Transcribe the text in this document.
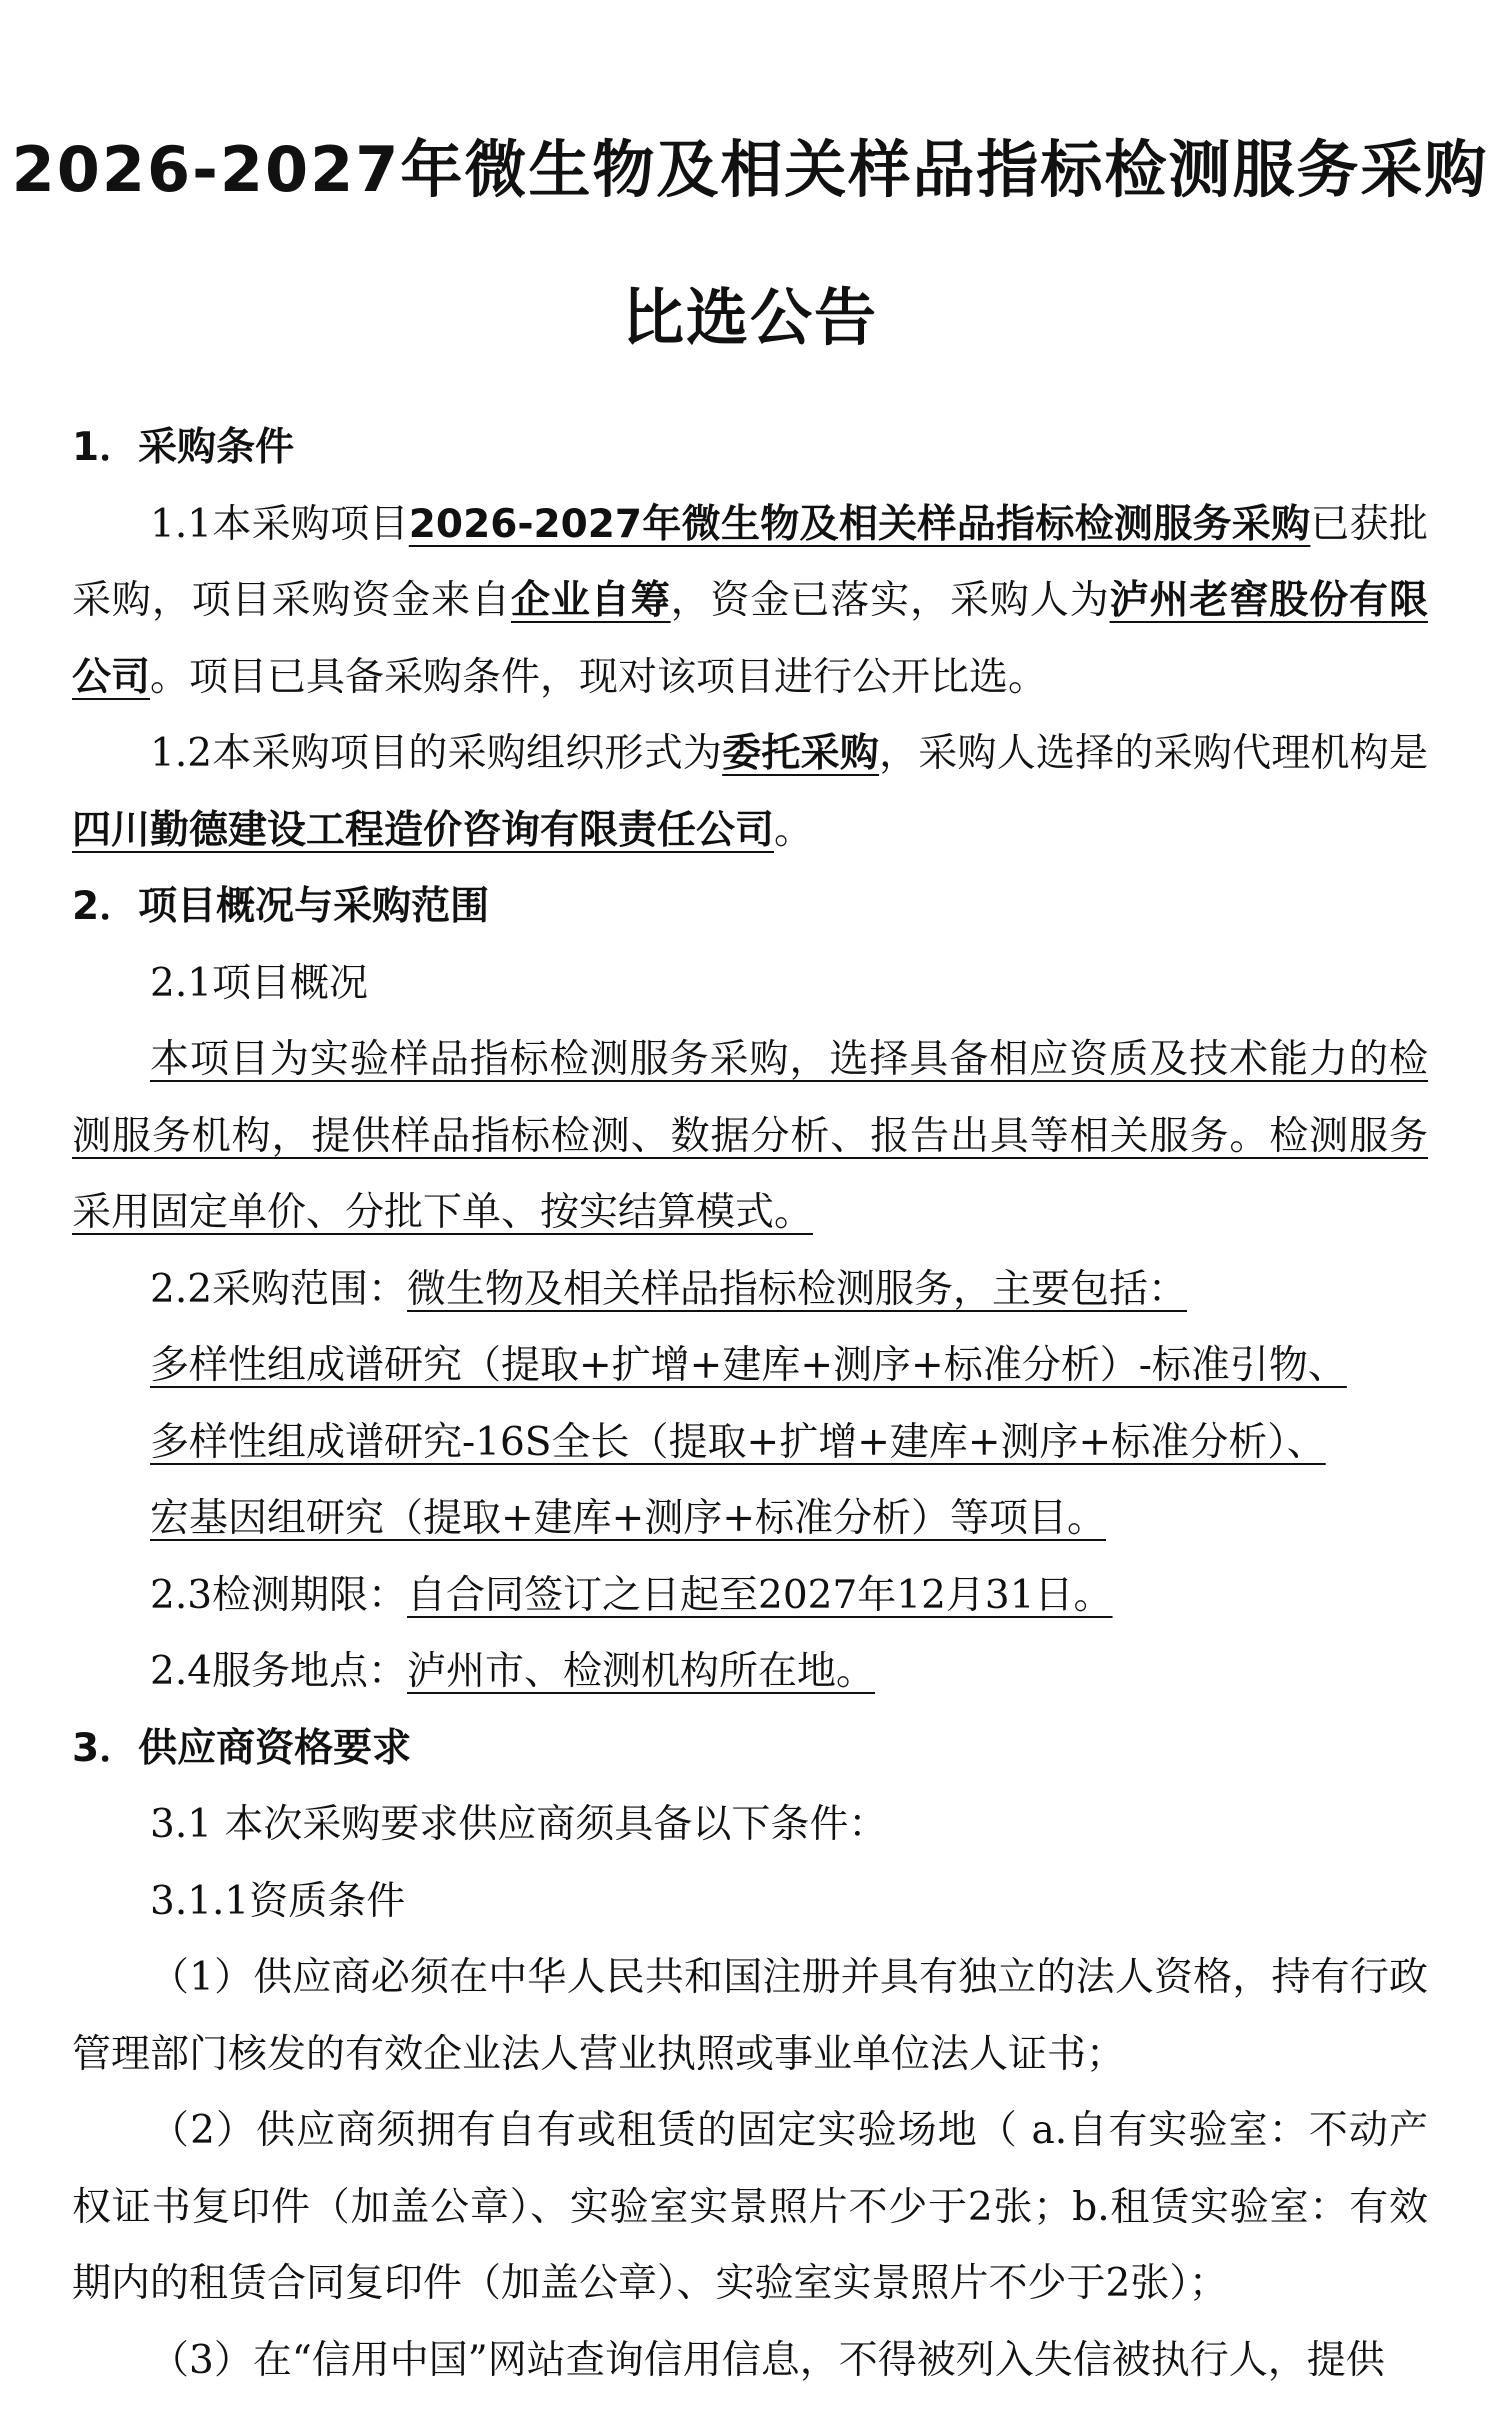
2026-2027年微生物及相关样品指标检测服务采购
比选公告

1．采购条件

1.1本采购项目2026-2027年微生物及相关样品指标检测服务采购已获批采购，项目采购资金来自企业自筹，资金已落实，采购人为泸州老窖股份有限公司。项目已具备采购条件，现对该项目进行公开比选。

1.2本采购项目的采购组织形式为委托采购，采购人选择的采购代理机构是四川勤德建设工程造价咨询有限责任公司。

2．项目概况与采购范围

2.1项目概况

本项目为实验样品指标检测服务采购，选择具备相应资质及技术能力的检测服务机构，提供样品指标检测、数据分析、报告出具等相关服务。检测服务采用固定单价、分批下单、按实结算模式。

2.2采购范围：微生物及相关样品指标检测服务，主要包括：

多样性组成谱研究（提取+扩增+建库+测序+标准分析）-标准引物、

多样性组成谱研究-16S全长（提取+扩增+建库+测序+标准分析）、

宏基因组研究（提取+建库+测序+标准分析）等项目。

2.3检测期限：自合同签订之日起至2027年12月31日。

2.4服务地点：泸州市、检测机构所在地。

3．供应商资格要求

3.1 本次采购要求供应商须具备以下条件：

3.1.1资质条件

（1）供应商必须在中华人民共和国注册并具有独立的法人资格，持有行政管理部门核发的有效企业法人营业执照或事业单位法人证书；

（2）供应商须拥有自有或租赁的固定实验场地（ a.自有实验室：不动产权证书复印件（加盖公章）、实验室实景照片不少于2张；b.租赁实验室：有效期内的租赁合同复印件（加盖公章）、实验室实景照片不少于2张）；

（3）在“信用中国”网站查询信用信息，不得被列入失信被执行人，提供
